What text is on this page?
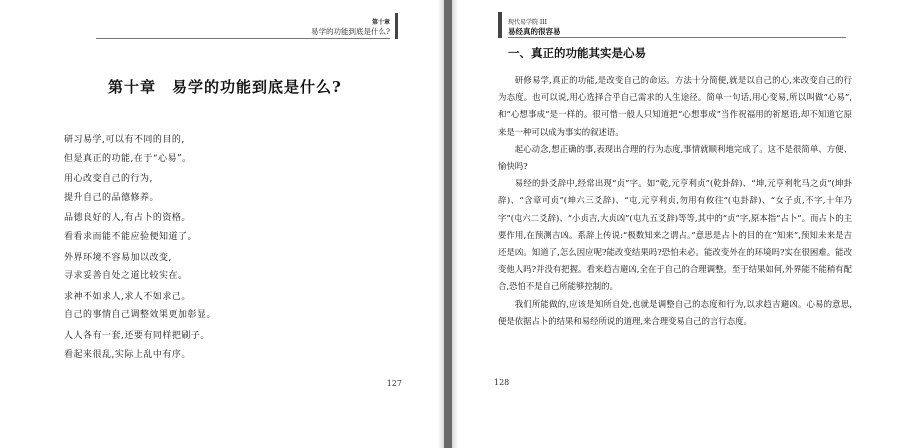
第十章
易学的功能到底是什么?
第十章　易学的功能到底是什么?
研习易学,可以有不同的目的,
但是真正的功能,在于“心易”。
用心改变自己的行为,
提升自己的品德修养。
品德良好的人,有占卜的资格。
看看求而能不能应验便知道了。
外界环境不容易加以改变,
寻求妥善自处之道比较实在。
求神不如求人,求人不如求己。
自己的事情自己调整效果更加彰显。
人人各有一套,还要有同样把刷子。
看起来很乱,实际上乱中有序。
127
现代易学院 III
易经真的很容易
一、真正的功能其实是心易

研修易学,真正的功能,是改变自己的命运。方法十分简便,就是以自己的心,来改变自己的行为态度。也可以说,用心选择合乎自己需求的人生途径。简单一句话,用心变易,所以叫做“心易”,和“心想事成”是一样的。很可惜一般人只知道把“心想事成”当作祝福用的祈愿语,却不知道它原来是一种可以成为事实的叙述语。

起心动念,想正确的事,表现出合理的行为态度,事情就顺利地完成了。这不是很简单、方便、愉快吗?

易经的卦爻辞中,经常出现“贞”字。如“乾,元亨利贞”(乾卦辞)、“坤,元亨利牝马之贞”(坤卦辞)、“含章可贞”(坤六三爻辞)、“屯,元亨利贞,勿用有攸往”(屯卦辞)、“女子贞,不字,十年乃字”(屯六二爻辞)、“小贞吉,大贞凶”(屯九五爻辞)等等,其中的“贞”字,原本指“占卜”。而占卜的主要作用,在预测吉凶。系辞上传说:“极数知来之谓占。”意思是占卜的目的在“知来”,预知未来是吉还是凶。知道了,怎么因应呢?能改变结果吗?恐怕未必。能改变外在的环境吗?实在很困难。能改变他人吗?并没有把握。看来趋吉避凶,全在于自己的合理调整。至于结果如何,外界能不能稍有配合,恐怕不是自己所能够控制的。

我们所能做的,应该是知所自处,也就是调整自己的态度和行为,以求趋吉避凶。心易的意思,便是依据占卜的结果和易经所说的道理,来合理变易自己的言行态度。

128
